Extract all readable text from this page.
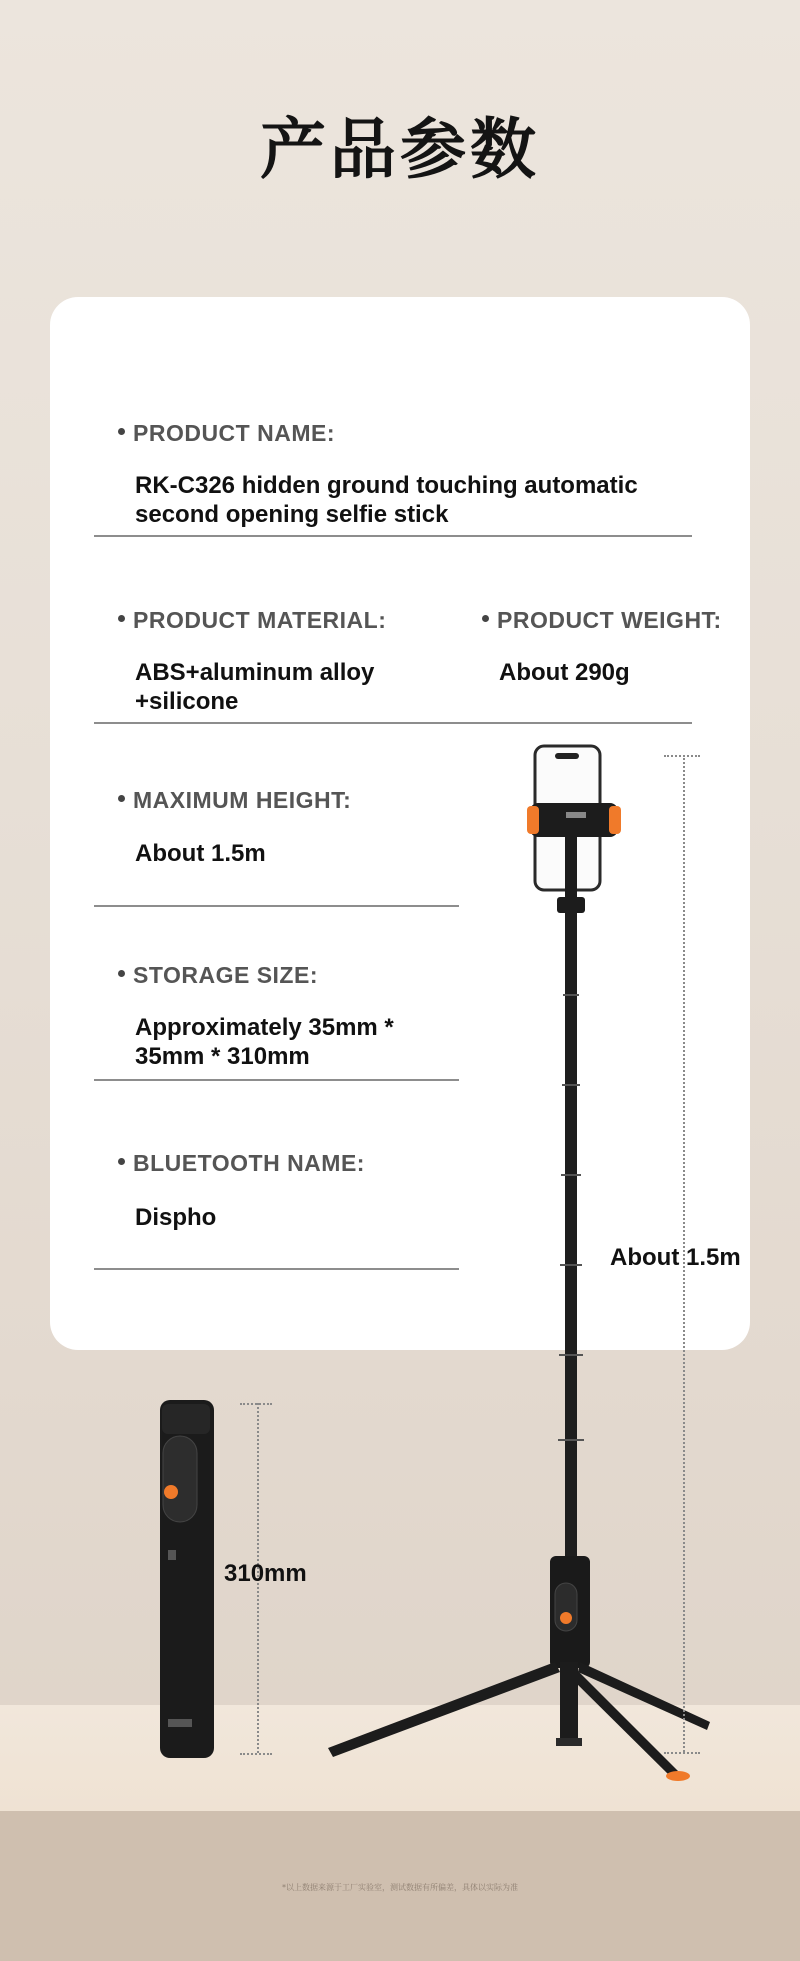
产品参数
PRODUCT NAME:
RK-C326 hidden ground touching automatic
second opening selfie stick
PRODUCT MATERIAL:
ABS+aluminum alloy
+silicone
PRODUCT WEIGHT:
About 290g
MAXIMUM HEIGHT:
About 1.5m
STORAGE SIZE:
Approximately 35mm *
35mm * 310mm
BLUETOOTH NAME:
Dispho
*以上数据来源于工厂实验室，测试数据有所偏差，具体以实际为准
About 1.5m
310mm
